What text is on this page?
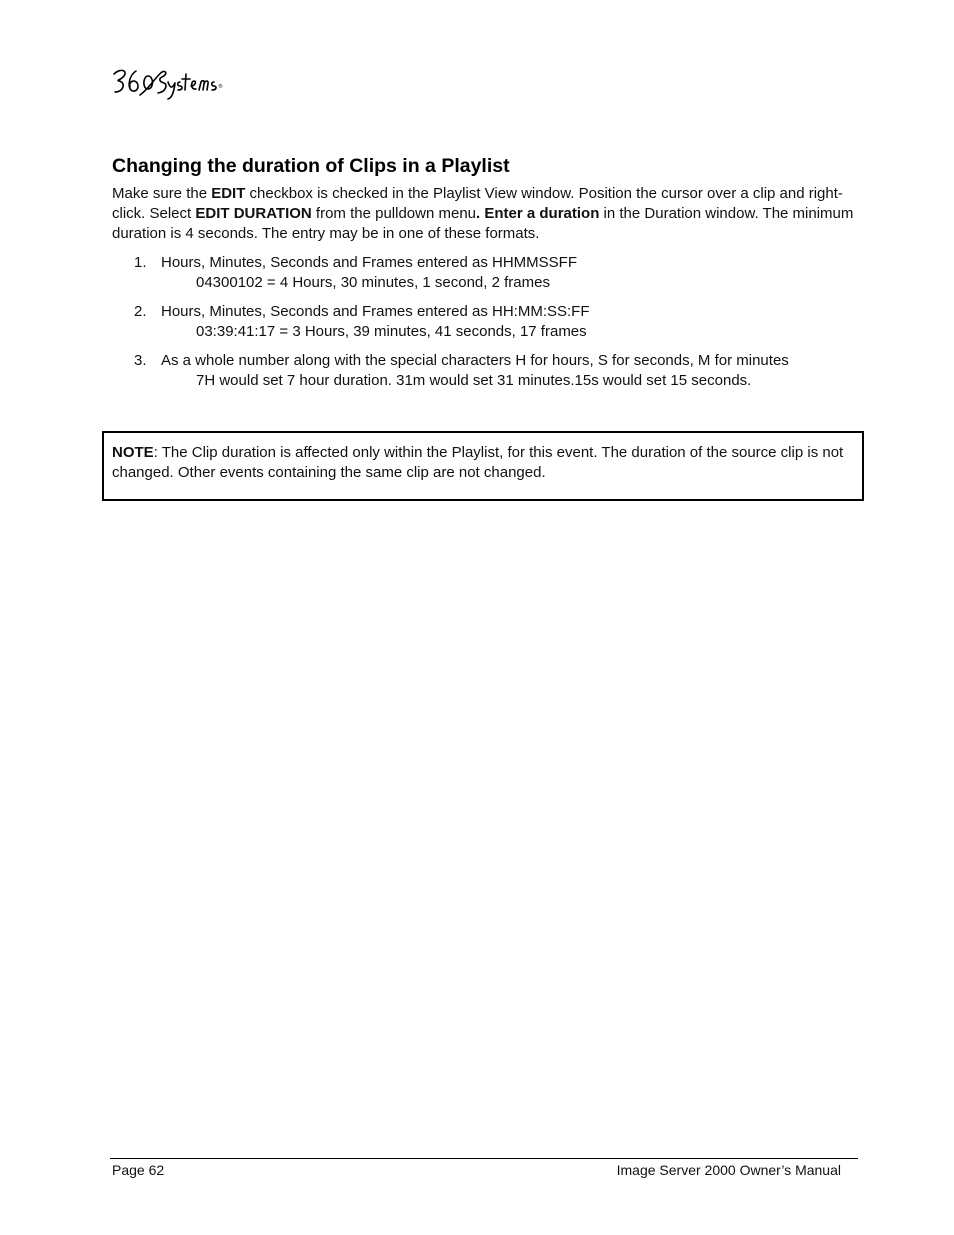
®
Changing the duration of Clips in a Playlist

Make sure the EDIT checkbox is checked in the Playlist View window. Position the cursor over a clip and right-click. Select EDIT DURATION from the pulldown menu. Enter a duration in the Duration window. The minimum duration is 4 seconds. The entry may be in one of these formats.

1. Hours, Minutes, Seconds and Frames entered as HHMMSSFF
04300102 = 4 Hours, 30 minutes, 1 second, 2 frames
2. Hours, Minutes, Seconds and Frames entered as HH:MM:SS:FF
03:39:41:17 = 3 Hours, 39 minutes, 41 seconds, 17 frames
3. As a whole number along with the special characters H for hours, S for seconds, M for minutes
7H would set 7 hour duration. 31m would set 31 minutes.15s would set 15 seconds.
NOTE: The Clip duration is affected only within the Playlist, for this event. The duration of the source clip is not changed. Other events containing the same clip are not changed.
Page 62	Image Server 2000 Owner’s Manual
